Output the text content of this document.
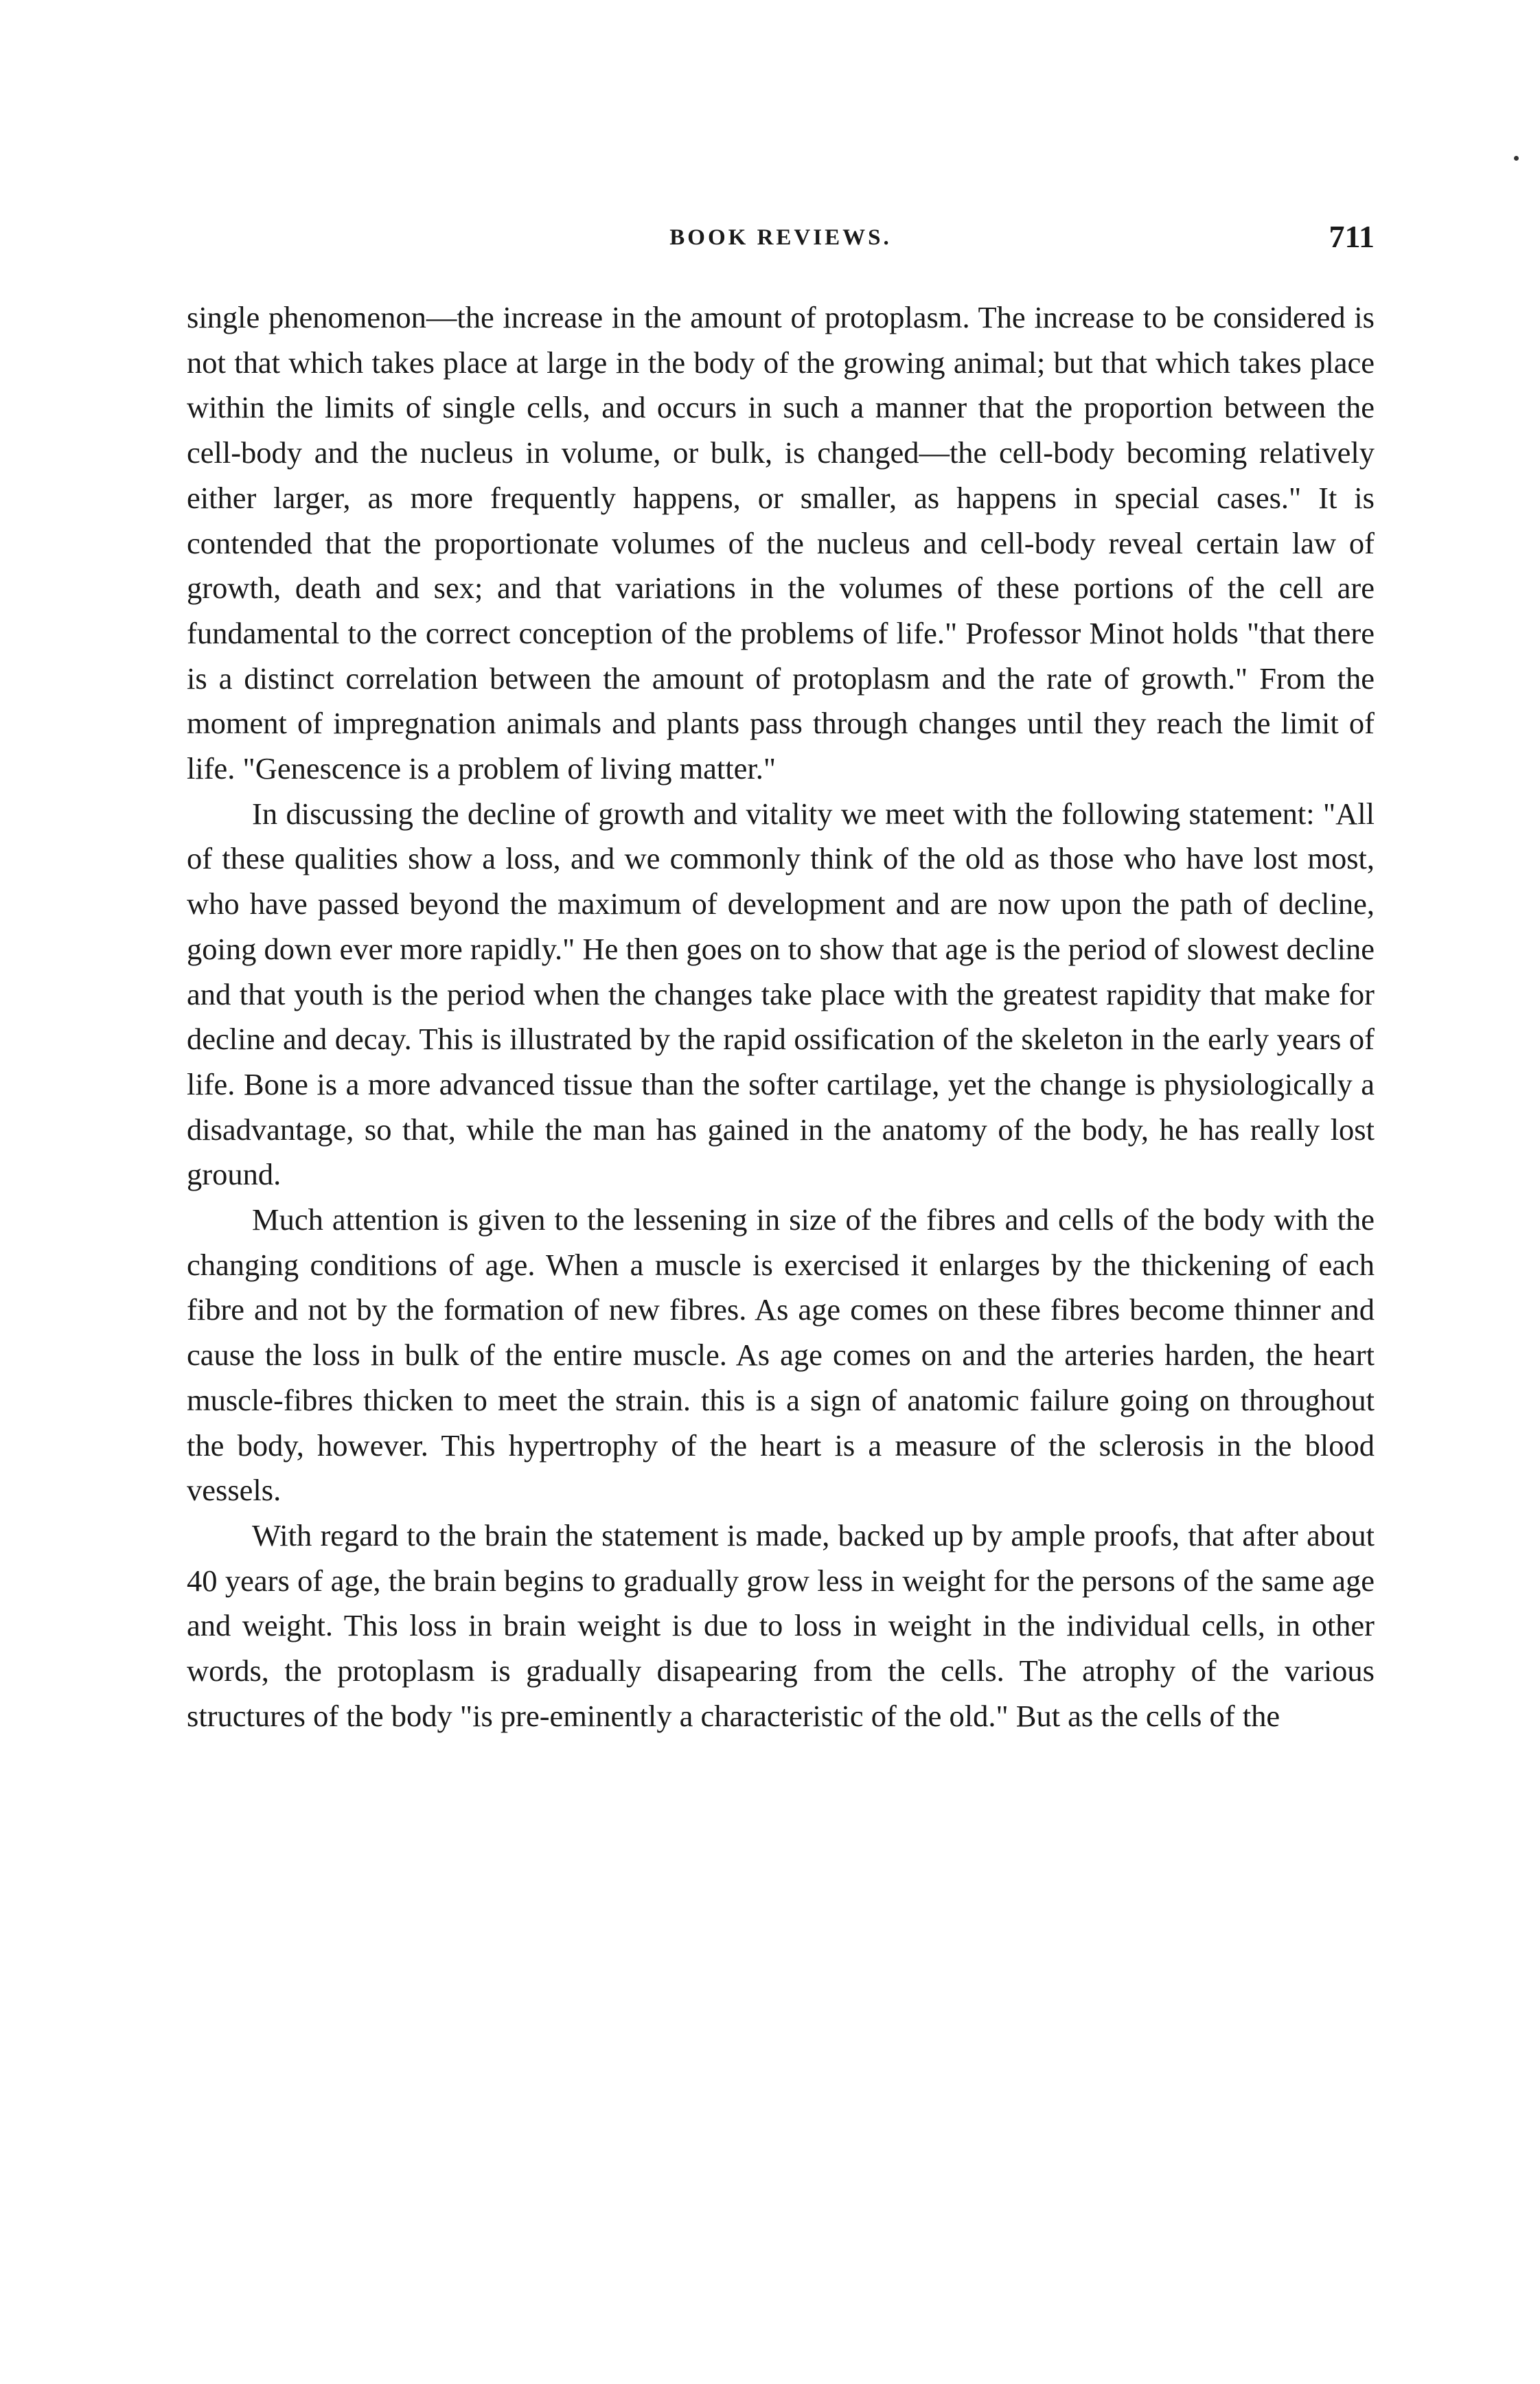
BOOK REVIEWS.	711

single phenomenon—the increase in the amount of protoplasm. The increase to be considered is not that which takes place at large in the body of the growing animal; but that which takes place within the limits of single cells, and occurs in such a manner that the proportion between the cell-body and the nucleus in volume, or bulk, is changed—the cell-body becoming relatively either larger, as more frequently happens, or smaller, as happens in special cases." It is contended that the proportionate volumes of the nucleus and cell-body reveal certain law of growth, death and sex; and that variations in the volumes of these portions of the cell are fundamental to the correct conception of the problems of life." Professor Minot holds "that there is a distinct correlation between the amount of protoplasm and the rate of growth." From the moment of impregnation animals and plants pass through changes until they reach the limit of life. "Genescence is a problem of living matter."

In discussing the decline of growth and vitality we meet with the following statement: "All of these qualities show a loss, and we commonly think of the old as those who have lost most, who have passed beyond the maximum of development and are now upon the path of decline, going down ever more rapidly." He then goes on to show that age is the period of slowest decline and that youth is the period when the changes take place with the greatest rapidity that make for decline and decay. This is illustrated by the rapid ossification of the skeleton in the early years of life. Bone is a more advanced tissue than the softer cartilage, yet the change is physiologically a disadvantage, so that, while the man has gained in the anatomy of the body, he has really lost ground.

Much attention is given to the lessening in size of the fibres and cells of the body with the changing conditions of age. When a muscle is exercised it enlarges by the thickening of each fibre and not by the formation of new fibres. As age comes on these fibres become thinner and cause the loss in bulk of the entire muscle. As age comes on and the arteries harden, the heart muscle-fibres thicken to meet the strain. this is a sign of anatomic failure going on throughout the body, however. This hypertrophy of the heart is a measure of the sclerosis in the blood vessels.

With regard to the brain the statement is made, backed up by ample proofs, that after about 40 years of age, the brain begins to gradually grow less in weight for the persons of the same age and weight. This loss in brain weight is due to loss in weight in the individual cells, in other words, the protoplasm is gradually disapearing from the cells. The atrophy of the various structures of the body "is pre-eminently a characteristic of the old." But as the cells of the
